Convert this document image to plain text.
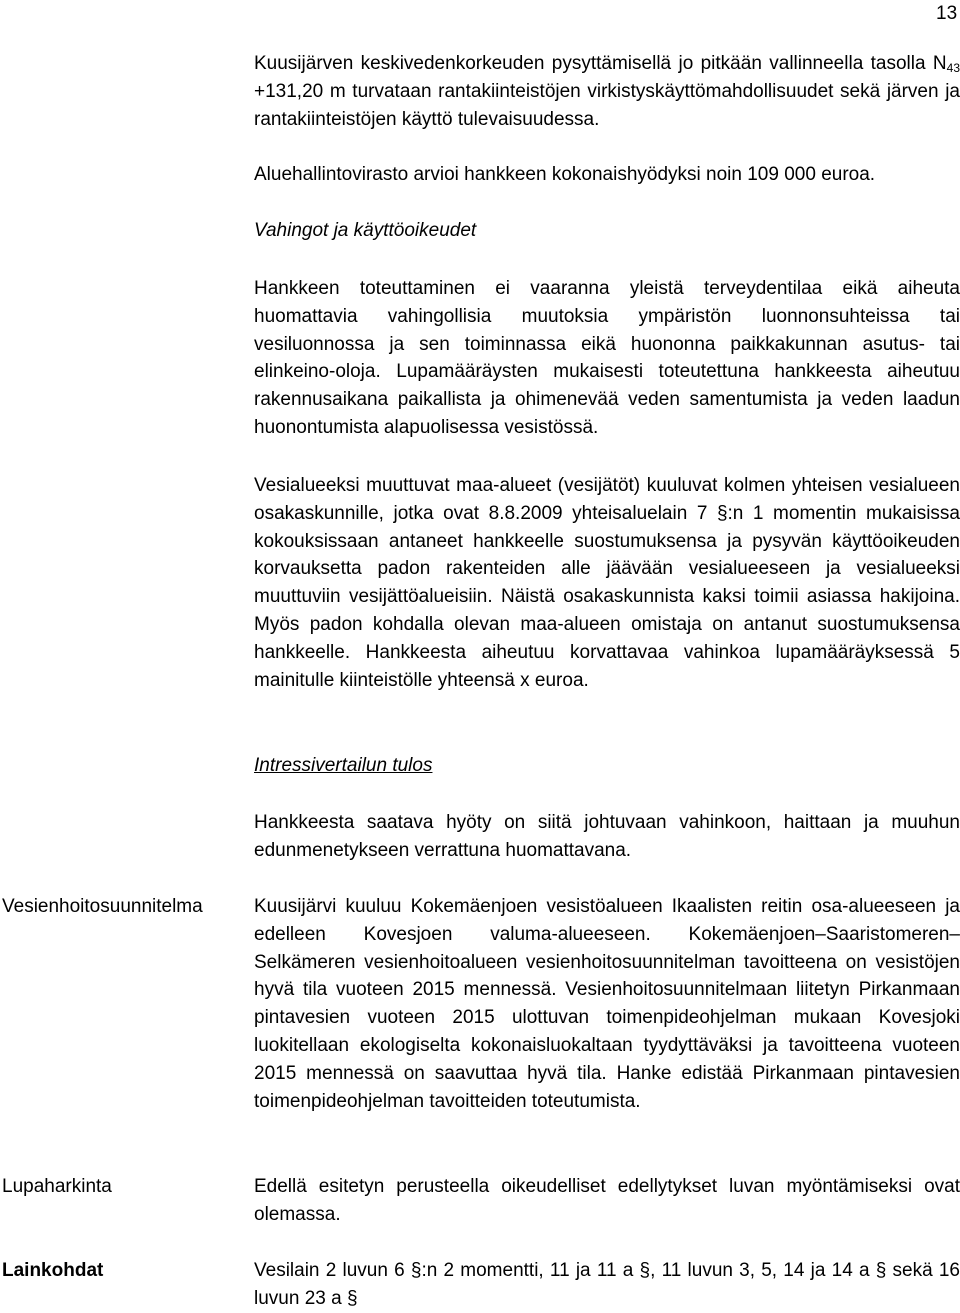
13

Kuusijärven keskivedenkorkeuden pysyttämisellä jo pitkään vallinneella tasolla $N_{43} +131,20$ m turvataan rantakiinteistöjen virkistyskäyttömahdollisuudet sekä järven ja rantakiinteistöjen käyttö tulevaisuudessa.

Aluehallintovirasto arvioi hankkeen kokonaishyödyksi noin 109 000 euroa.

Vahingot ja käyttöoikeudet

Hankkeen toteuttaminen ei vaaranna yleistä terveydentilaa eikä aiheuta huomattavia vahingollisia muutoksia ympäristön luonnonsuhteissa tai vesiluonnossa ja sen toiminnassa eikä huononna paikkakunnan asutus- tai elinkeino-oloja. Lupamääräysten mukaisesti toteutettuna hankkeesta aiheutuu rakennusaikana paikallista ja ohimenevää veden samentumista ja veden laadun huonontumista alapuolisessa vesistössä.

Vesialueeksi muuttuvat maa-alueet (vesijätöt) kuuluvat kolmen yhteisen vesialueen osakaskunnille, jotka ovat 8.8.2009 yhteisaluelain 7 §:n 1 momentin mukaisissa kokouksissaan antaneet hankkeelle suostumuksensa ja pysyvän käyttöoikeuden korvauksetta padon rakenteiden alle jäävään vesialueeseen ja vesialueeksi muuttuviin vesijättöalueisiin. Näistä osakaskunnista kaksi toimii asiassa hakijoina. Myös padon kohdalla olevan maa-alueen omistaja on antanut suostumuksensa hankkeelle. Hankkeesta aiheutuu korvattavaa vahinkoa lupamääräyksessä 5 mainitulle kiinteistölle yhteensä x euroa.

Intressivertailun tulos

Hankkeesta saatava hyöty on siitä johtuvaan vahinkoon, haittaan ja muuhun edunmenetykseen verrattuna huomattavana.

Vesienhoitosuunnitelma	Kuusijärvi kuuluu Kokemäenjoen vesistöalueen Ikaalisten reitin osa-alueeseen ja edelleen Kovesjoen valuma-alueeseen. Kokemäenjoen–Saaristomeren–Selkämeren vesienhoitoalueen vesienhoitosuunnitelman tavoitteena on vesistöjen hyvä tila vuoteen 2015 mennessä. Vesienhoitosuunnitelmaan liitetyn Pirkanmaan pintavesien vuoteen 2015 ulottuvan toimenpideohjelman mukaan Kovesjoki luokitellaan ekologiselta kokonaisluokaltaan tyydyttäväksi ja tavoitteena vuoteen 2015 mennessä on saavuttaa hyvä tila. Hanke edistää Pirkanmaan pintavesien toimenpideohjelman tavoitteiden toteutumista.

Lupaharkinta	Edellä esitetyn perusteella oikeudelliset edellytykset luvan myöntämiseksi ovat olemassa.

Lainkohdat	Vesilain 2 luvun 6 §:n 2 momentti, 11 ja 11 a §, 11 luvun 3, 5, 14 ja 14 a § sekä 16 luvun 23 a §
